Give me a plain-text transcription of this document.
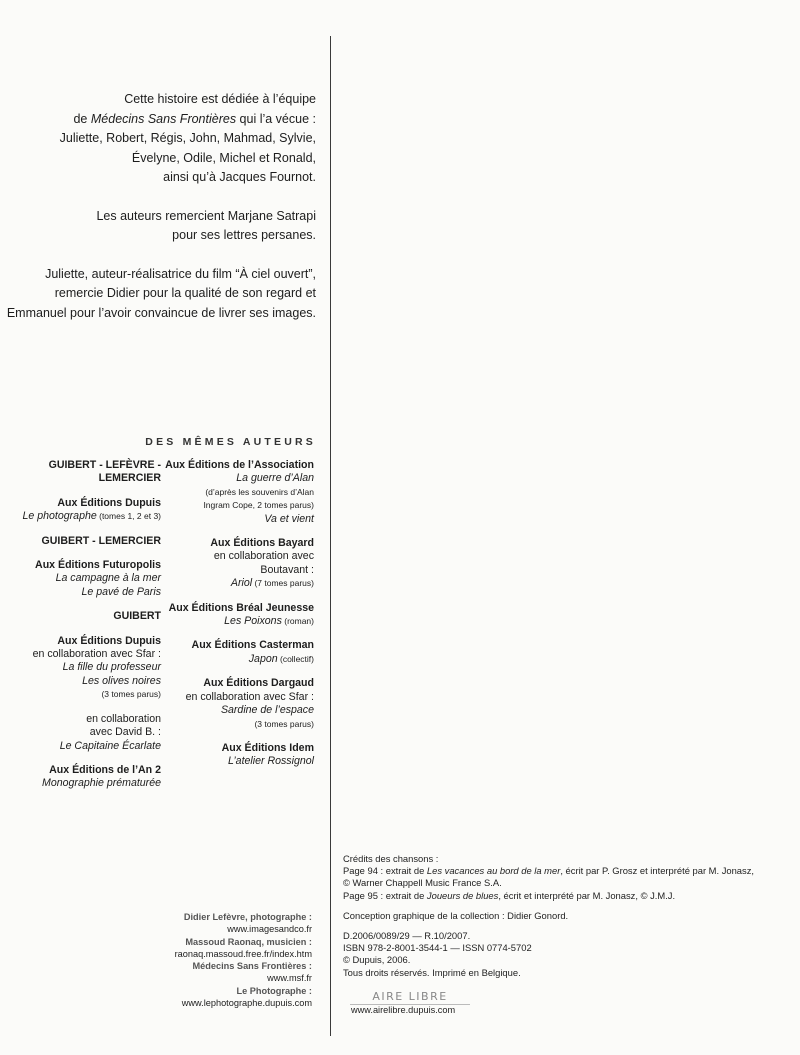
Cette histoire est dédiée à l’équipe
de Médecins Sans Frontières qui l’a vécue :
Juliette, Robert, Régis, John, Mahmad, Sylvie,
Évelyne, Odile, Michel et Ronald,
ainsi qu’à Jacques Fournot.

Les auteurs remercient Marjane Satrapi
pour ses lettres persanes.

Juliette, auteur-réalisatrice du film “À ciel ouvert”,
remercie Didier pour la qualité de son regard et
Emmanuel pour l’avoir convaincue de livrer ses images.

DES MÊMES AUTEURS
GUIBERT - LEFÈVRE -
LEMERCIER
Aux Éditions Dupuis
Le photographe (tomes 1, 2 et 3)
GUIBERT - LEMERCIER
Aux Éditions Futuropolis
La campagne à la mer
Le pavé de Paris
GUIBERT
Aux Éditions Dupuis
en collaboration avec Sfar :
La fille du professeur
Les olives noires
(3 tomes parus)
en collaboration
avec David B. :
Le Capitaine Écarlate
Aux Éditions de l’An 2
Monographie prématurée
Aux Éditions de l’Association
La guerre d’Alan
(d’après les souvenirs d’Alan
Ingram Cope, 2 tomes parus)
Va et vient
Aux Éditions Bayard
en collaboration avec
Boutavant :
Ariol (7 tomes parus)
Aux Éditions Bréal Jeunesse
Les Poixons (roman)
Aux Éditions Casterman
Japon (collectif)
Aux Éditions Dargaud
en collaboration avec Sfar :
Sardine de l’espace
(3 tomes parus)
Aux Éditions Idem
L’atelier Rossignol
Didier Lefèvre, photographe :
www.imagesandco.fr
Massoud Raonaq, musicien :
raonaq.massoud.free.fr/index.htm
Médecins Sans Frontières :
www.msf.fr
Le Photographe :
www.lephotographe.dupuis.com
Crédits des chansons :
Page 94 : extrait de Les vacances au bord de la mer, écrit par P. Grosz et interprété par M. Jonasz,
© Warner Chappell Music France S.A.
Page 95 : extrait de Joueurs de blues, écrit et interprété par M. Jonasz, © J.M.J.
Conception graphique de la collection : Didier Gonord.
D.2006/0089/29 — R.10/2007.
ISBN 978-2-8001-3544-1 — ISSN 0774-5702
© Dupuis, 2006.
Tous droits réservés. Imprimé en Belgique.
AIRE LIBRE
www.airelibre.dupuis.com
